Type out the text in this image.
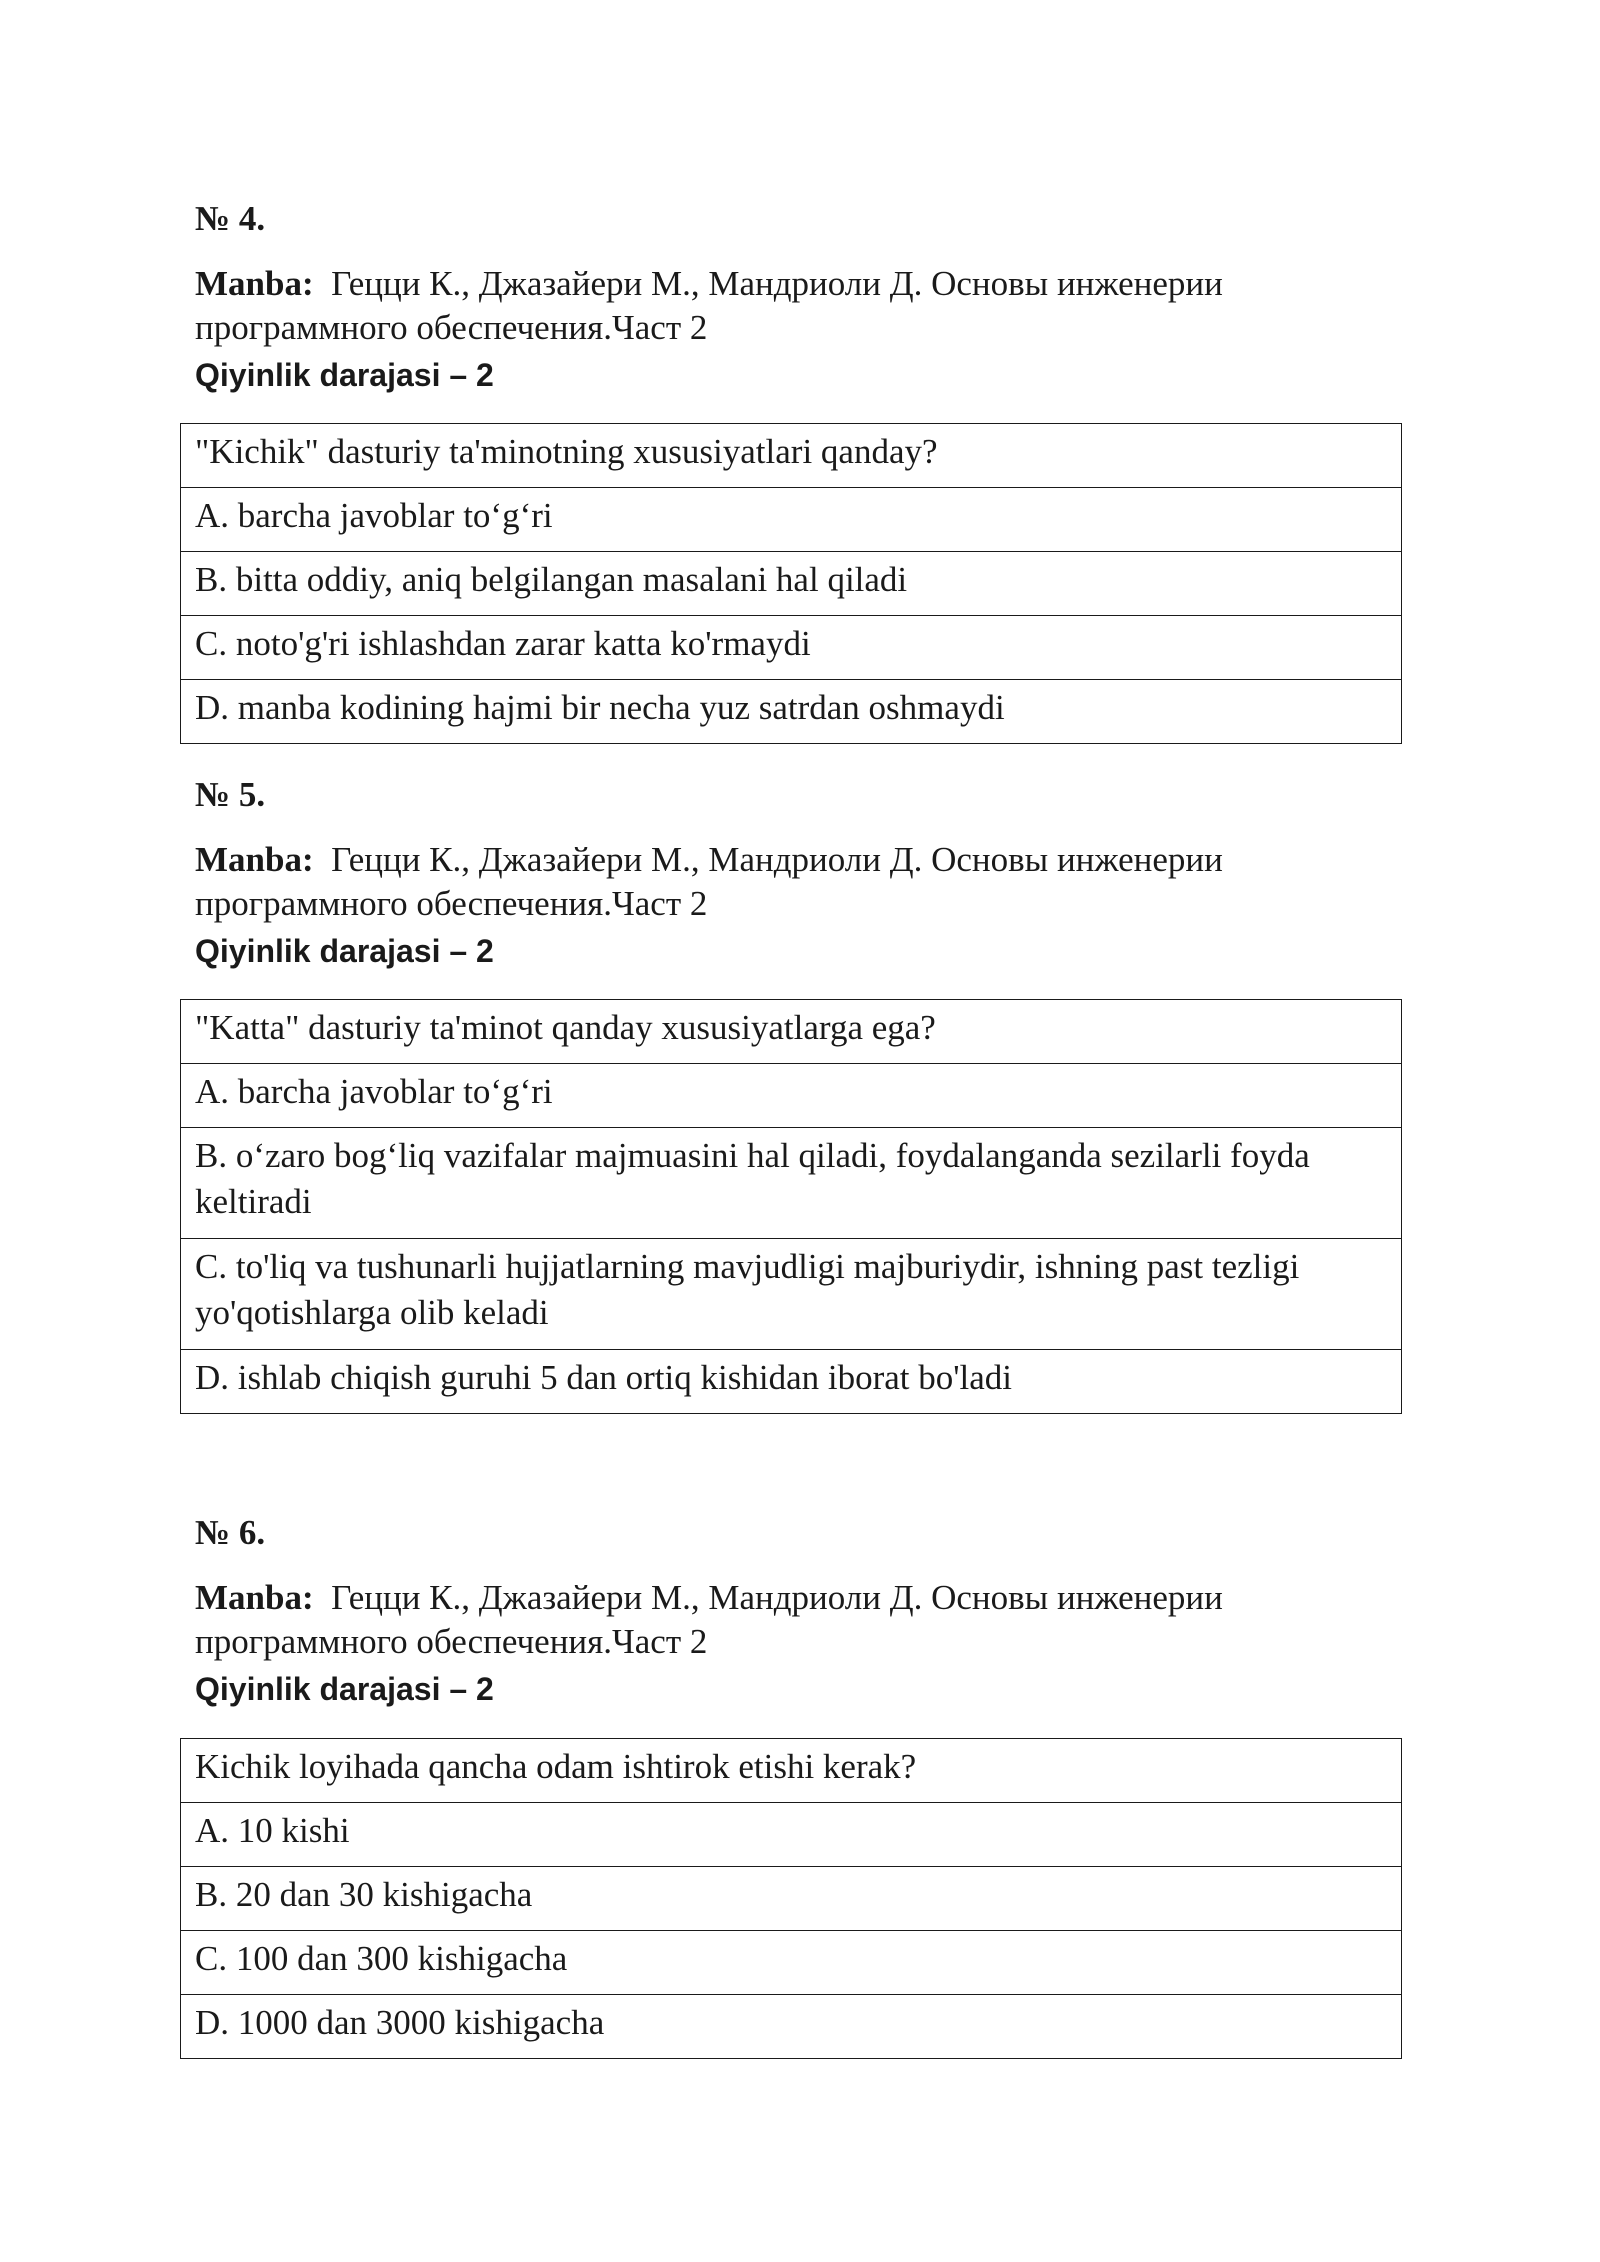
№ 4.
Manba: Гецци К., Джазайери М., Мандриоли Д. Основы инженерии программного обеспечения.Част 2
Qiyinlik darajasi – 2
"Kichik" dasturiy ta'minotning xususiyatlari qanday?
A. barcha javoblar to‘g‘ri
B. bitta oddiy, aniq belgilangan masalani hal qiladi
C. noto'g'ri ishlashdan zarar katta ko'rmaydi
D. manba kodining hajmi bir necha yuz satrdan oshmaydi
№ 5.
Manba: Гецци К., Джазайери М., Мандриоли Д. Основы инженерии программного обеспечения.Част 2
Qiyinlik darajasi – 2
"Katta" dasturiy ta'minot qanday xususiyatlarga ega?
A. barcha javoblar to‘g‘ri
B. o‘zaro bog‘liq vazifalar majmuasini hal qiladi, foydalanganda sezilarli foyda keltiradi
C. to'liq va tushunarli hujjatlarning mavjudligi majburiydir, ishning past tezligi yo'qotishlarga olib keladi
D. ishlab chiqish guruhi 5 dan ortiq kishidan iborat bo'ladi
№ 6.
Manba: Гецци К., Джазайери М., Мандриоли Д. Основы инженерии программного обеспечения.Част 2
Qiyinlik darajasi – 2
Kichik loyihada qancha odam ishtirok etishi kerak?
A. 10 kishi
B. 20 dan 30 kishigacha
C. 100 dan 300 kishigacha
D. 1000 dan 3000 kishigacha
